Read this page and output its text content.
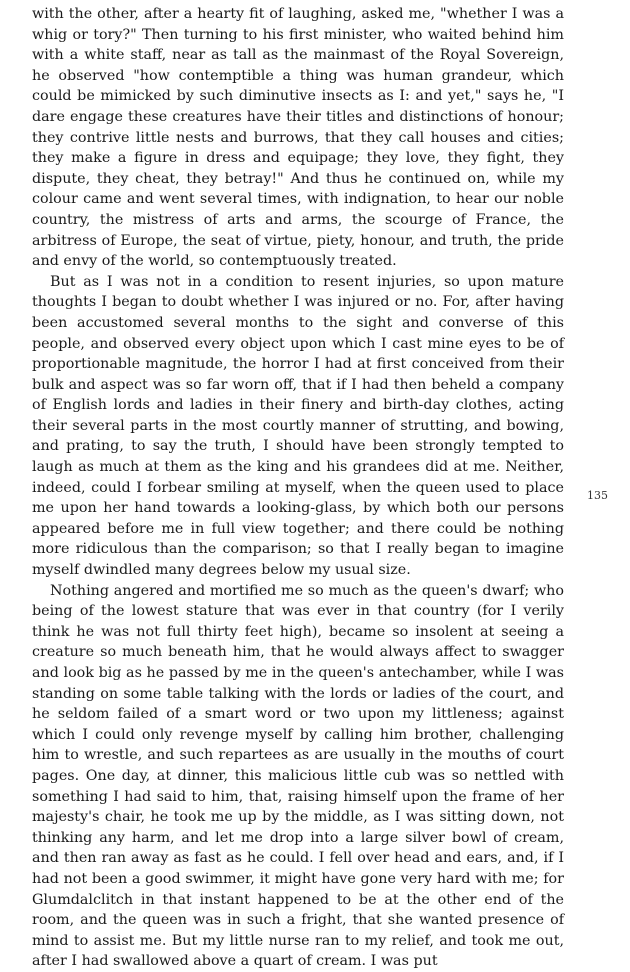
with the other, after a hearty fit of laughing, asked me, "whether I was a whig or tory?" Then turning to his first minister, who waited behind him with a white staff, near as tall as the mainmast of the Royal Sovereign, he observed "how contemptible a thing was human grandeur, which could be mimicked by such diminutive insects as I: and yet," says he, "I dare engage these creatures have their titles and distinctions of honour; they contrive little nests and burrows, that they call houses and cities; they make a figure in dress and equipage; they love, they fight, they dispute, they cheat, they betray!" And thus he continued on, while my colour came and went several times, with indignation, to hear our noble country, the mistress of arts and arms, the scourge of France, the arbitress of Europe, the seat of virtue, piety, honour, and truth, the pride and envy of the world, so contemptuously treated.

But as I was not in a condition to resent injuries, so upon mature thoughts I began to doubt whether I was injured or no. For, after having been accustomed several months to the sight and converse of this people, and observed every object upon which I cast mine eyes to be of proportionable magnitude, the horror I had at first conceived from their bulk and aspect was so far worn off, that if I had then beheld a company of English lords and ladies in their finery and birth-day clothes, acting their several parts in the most courtly manner of strutting, and bowing, and prating, to say the truth, I should have been strongly tempted to laugh as much at them as the king and his grandees did at me. Neither, indeed, could I forbear smiling at myself, when the queen used to place me upon her hand towards a looking-glass, by which both our persons appeared before me in full view together; and there could be nothing more ridiculous than the comparison; so that I really began to imagine myself dwindled many degrees below my usual size.

Nothing angered and mortified me so much as the queen's dwarf; who being of the lowest stature that was ever in that country (for I verily think he was not full thirty feet high), became so insolent at seeing a creature so much beneath him, that he would always affect to swagger and look big as he passed by me in the queen's antechamber, while I was standing on some table talking with the lords or ladies of the court, and he seldom failed of a smart word or two upon my littleness; against which I could only revenge myself by calling him brother, challenging him to wrestle, and such repartees as are usually in the mouths of court pages. One day, at dinner, this malicious little cub was so nettled with something I had said to him, that, raising himself upon the frame of her majesty's chair, he took me up by the middle, as I was sitting down, not thinking any harm, and let me drop into a large silver bowl of cream, and then ran away as fast as he could. I fell over head and ears, and, if I had not been a good swimmer, it might have gone very hard with me; for Glumdalclitch in that instant happened to be at the other end of the room, and the queen was in such a fright, that she wanted presence of mind to assist me. But my little nurse ran to my relief, and took me out, after I had swallowed above a quart of cream. I was put

135
